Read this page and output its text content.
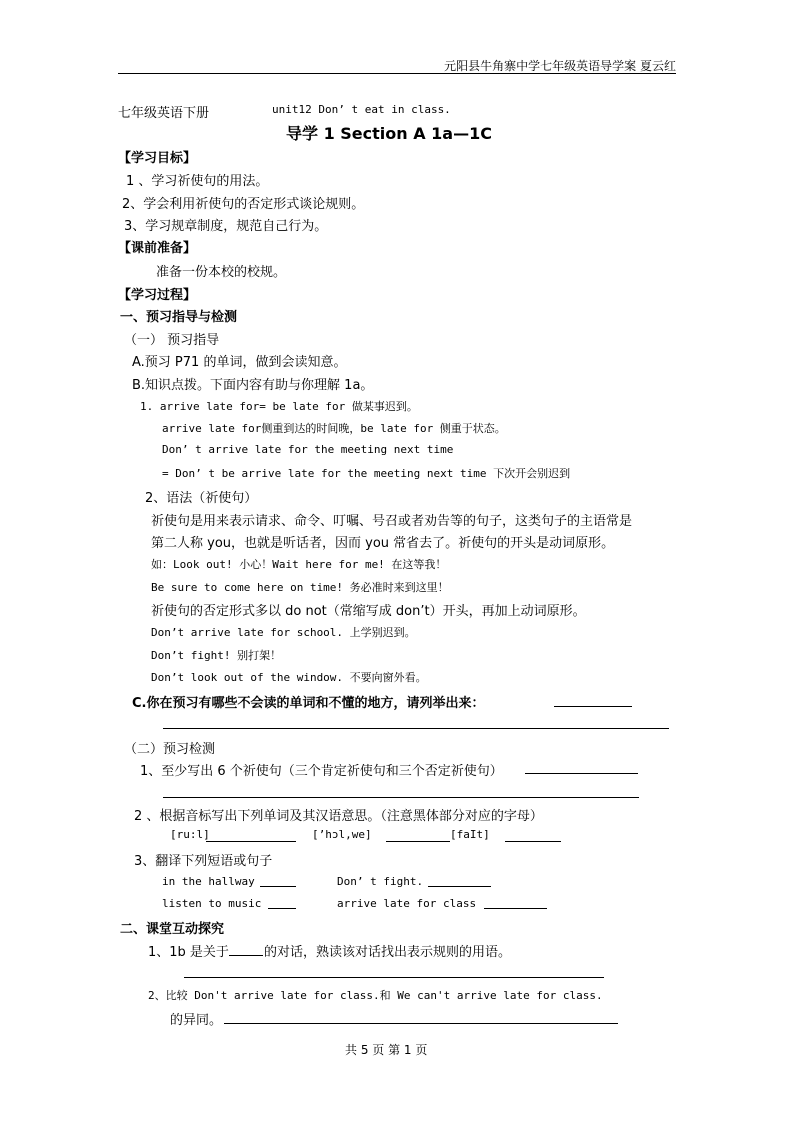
元阳县牛角寨中学七年级英语导学案 夏云红
七年级英语下册	unit12 Don’ t eat in class.
导学 1 Section A 1a—1C
【学习目标】
1 、学习祈使句的用法。
2、学会利用祈使句的否定形式谈论规则。
3、学习规章制度，规范自己行为。
【课前准备】
准备一份本校的校规。
【学习过程】
一、预习指导与检测
（一） 预习指导
A.预习 P71 的单词，做到会读知意。
B.知识点拨。下面内容有助与你理解 1a。
1. arrive late for= be late for 做某事迟到。
arrive late for侧重到达的时间晚，be late for 侧重于状态。
Don’ t arrive late for the meeting next time
= Don’ t be arrive late for the meeting next time 下次开会别迟到
2、语法（祈使句）
祈使句是用来表示请求、命令、叮嘱、号召或者劝告等的句子，这类句子的主语常是
第二人称 you，也就是听话者，因而 you 常省去了。祈使句的开头是动词原形。
如：Look out! 小心！Wait here for me! 在这等我！
Be sure to come here on time! 务必准时来到这里！
祈使句的否定形式多以 do not（常缩写成 don’t）开头，再加上动词原形。
Don’t arrive late for school. 上学别迟到。
Don’t fight! 别打架！
Don’t look out of the window. 不要向窗外看。
C.你在预习有哪些不会读的单词和不懂的地方，请列举出来：
（二）预习检测
1、至少写出 6 个祈使句（三个肯定祈使句和三个否定祈使句）
2 、根据音标写出下列单词及其汉语意思。（注意黑体部分对应的字母）
[ru:l]	[’hɔl,we]	[faIt]
3、翻译下列短语或句子
in the hallway	Don’ t fight.
listen to music	arrive late for class
二、课堂互动探究
1、1b 是关于	的对话，熟读该对话找出表示规则的用语。
2、比较 Don't arrive late for class.和 We can't arrive late for class.
的异同。
共 5 页 第 1 页
